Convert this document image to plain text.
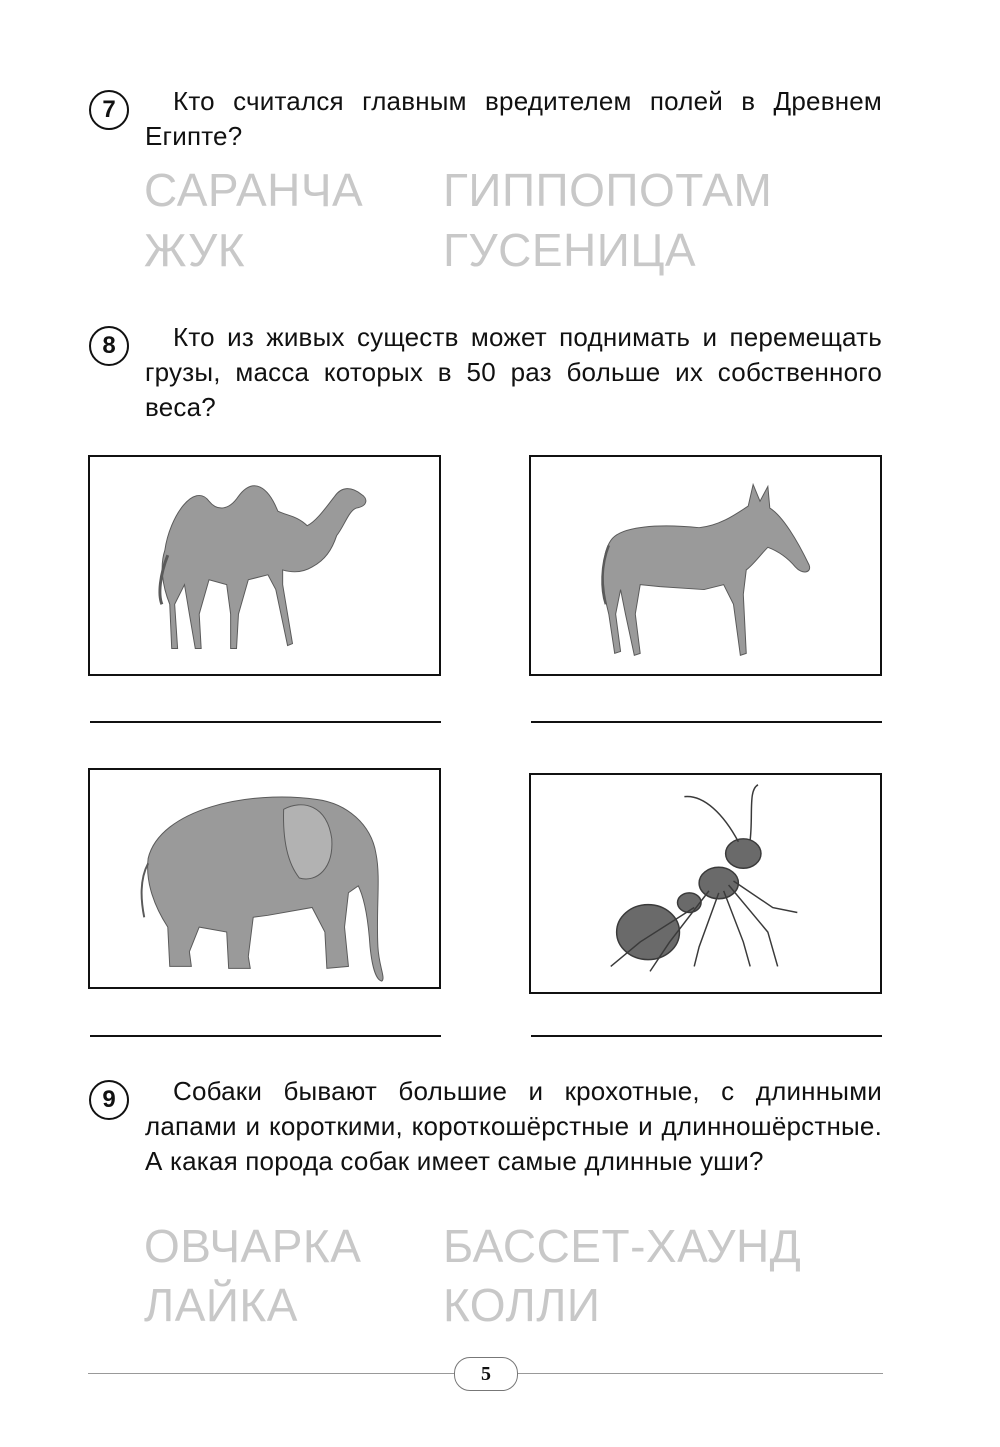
7	Кто считался главным вредителем полей в Древнем Египте?
САРАНЧА ГИППОПОТАМ
ЖУК	ГУСЕНИЦА
8	Кто из живых существ может поднимать и перемещать грузы, масса которых в 50 раз больше их собственного веса?
9	Собаки бывают большие и крохотные, с длинными лапами и короткими, короткошёрстные и длинношёрстные. А какая порода собак имеет самые длинные уши?
ОВЧАРКА БАССЕТ-ХАУНД
ЛАЙКА	КОЛЛИ
5
